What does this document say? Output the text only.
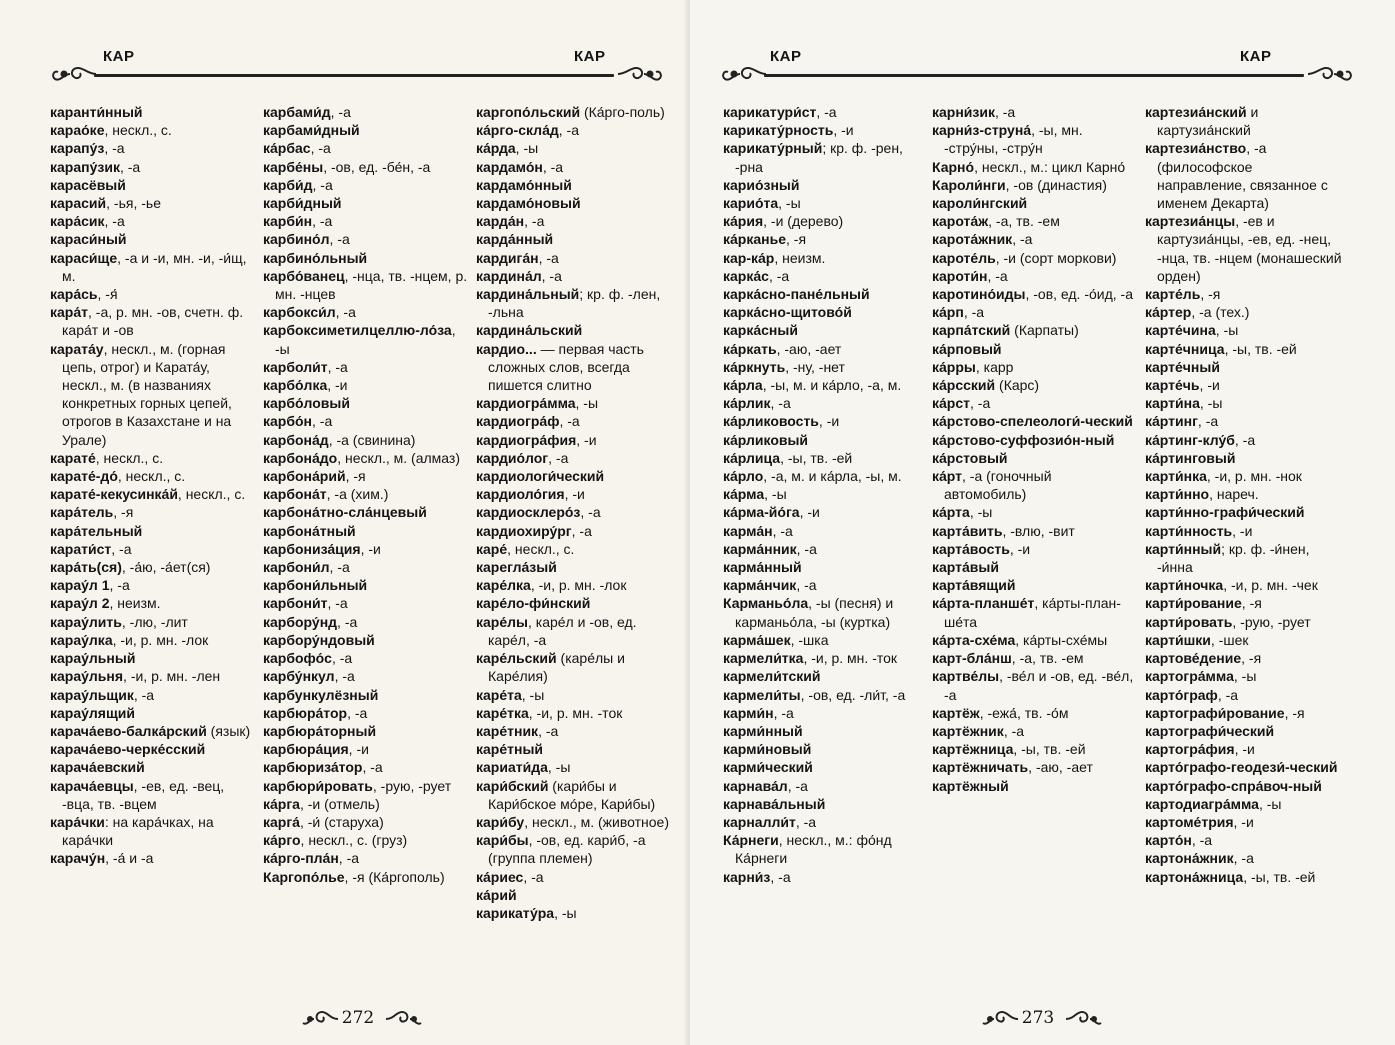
КАР	КАР
каранти́нный
карао́ке, нескл., с.
карапу́з, -а
карапу́зик, -а
карасёвый
карасий, -ья, -ье
кара́сик, -а
караси́ный
караси́ще, -а и -и, мн. -и, -и́щ, м.
кара́сь, -я́
кара́т, -а, р. мн. -ов, счетн. ф. кара́т и -ов
карата́у, нескл., м. (горная цепь, отрог) и Карата́у, нескл., м. (в названиях конкретных горных цепей, отрогов в Казахстане и на Урале)
карате́, нескл., с.
карате́-до́, нескл., с.
карате́-кекусинка́й, нескл., с.
кара́тель, -я
кара́тельный
карати́ст, -а
кара́ть(ся), -а́ю, -а́ет(ся)
карау́л 1, -а
карау́л 2, неизм.
карау́лить, -лю, -лит
карау́лка, -и, р. мн. -лок
карау́льный
карау́льня, -и, р. мн. -лен
карау́льщик, -а
карау́лящий
карача́ево-балка́рский (язык)
карача́ево-черке́сский
карача́евский
карача́евцы, -ев, ед. -вец, -вца, тв. -вцем
кара́чки: на кара́чках, на кара́чки
карачу́н, -а́ и -а
карбами́д, -а
карбами́дный
ка́рбас, -а
карбе́ны, -ов, ед. -бе́н, -а
карби́д, -а
карби́дный
карби́н, -а
карбино́л, -а
карбино́льный
карбо́ванец, -нца, тв. -нцем, р. мн. -нцев
карбокси́л, -а
карбоксиметилцеллю-ло́за, -ы
карболи́т, -а
карбо́лка, -и
карбо́ловый
карбо́н, -а
карбона́д, -а (свинина)
карбона́до, нескл., м. (алмаз)
карбона́рий, -я
карбона́т, -а (хим.)
карбона́тно-сла́нцевый
карбона́тный
карбониза́ция, -и
карбони́л, -а
карбони́льный
карбони́т, -а
карбору́нд, -а
карбору́ндовый
карбофо́с, -а
карбу́нкул, -а
карбункулёзный
карбюра́тор, -а
карбюра́торный
карбюра́ция, -и
карбюриза́тор, -а
карбюри́ровать, -рую, -рует
ка́рга, -и (отмель)
карга́, -и́ (старуха)
ка́рго, нескл., с. (груз)
ка́рго-пла́н, -а
Каргопо́лье, -я (Ка́ргополь)
каргопо́льский (Ка́рго-поль)
ка́рго-скла́д, -а
ка́рда, -ы
кардамо́н, -а
кардамо́нный
кардамо́новый
карда́н, -а
карда́нный
кардига́н, -а
кардина́л, -а
кардина́льный; кр. ф. -лен, -льна
кардина́льский
кардио... — первая часть сложных слов, всегда пишется слитно
кардиогра́мма, -ы
кардиогра́ф, -а
кардиогра́фия, -и
кардио́лог, -а
кардиологи́ческий
кардиоло́гия, -и
кардиосклеро́з, -а
кардиохиру́рг, -а
каре́, нескл., с.
карегла́зый
каре́лка, -и, р. мн. -лок
каре́ло-фи́нский
каре́лы, каре́л и -ов, ед. каре́л, -а
каре́льский (каре́лы и Каре́лия)
каре́та, -ы
каре́тка, -и, р. мн. -ток
каре́тник, -а
каре́тный
кариати́да, -ы
кари́бский (кари́бы и Кари́бское мо́ре, Кари́бы)
кари́бу, нескл., м. (животное)
кари́бы, -ов, ед. кари́б, -а (группа племен)
ка́риес, -а
ка́рий
карикату́ра, -ы
272
КАР	КАР
карикатури́ст, -а
карикату́рность, -и
карикату́рный; кр. ф. -рен, -рна
карио́зный
карио́та, -ы
ка́рия, -и (дерево)
ка́рканье, -я
кар-ка́р, неизм.
карка́с, -а
карка́сно-пане́льный
карка́сно-щитово́й
карка́сный
ка́ркать, -аю, -ает
ка́ркнуть, -ну, -нет
ка́рла, -ы, м. и ка́рло, -а, м.
ка́рлик, -а
ка́рликовость, -и
ка́рликовый
ка́рлица, -ы, тв. -ей
ка́рло, -а, м. и ка́рла, -ы, м.
ка́рма, -ы
ка́рма-йо́га, -и
карма́н, -а
карма́нник, -а
карма́нный
карма́нчик, -а
Карманьо́ла, -ы (песня) и карманьо́ла, -ы (куртка)
карма́шек, -шка
кармели́тка, -и, р. мн. -ток
кармели́тский
кармели́ты, -ов, ед. -ли́т, -а
карми́н, -а
карми́нный
карми́новый
карми́ческий
карнава́л, -а
карнава́льный
карналли́т, -а
Ка́рнеги, нескл., м.: фо́нд Ка́рнеги
карни́з, -а
карни́зик, -а
карни́з-струна́, -ы, мн. -стру́ны, -стру́н
Карно́, нескл., м.: цикл Карно́
Кароли́нги, -ов (династия)
кароли́нгский
карота́ж, -а, тв. -ем
карота́жник, -а
кароте́ль, -и (сорт моркови)
кароти́н, -а
каротино́иды, -ов, ед. -о́ид, -а
ка́рп, -а
карпа́тский (Карпаты)
ка́рповый
ка́рры, карр
ка́рсский (Карс)
ка́рст, -а
ка́рстово-спелеологи́-ческий
ка́рстово-суффозио́н-ный
ка́рстовый
ка́рт, -а (гоночный автомобиль)
ка́рта, -ы
карта́вить, -влю, -вит
карта́вость, -и
карта́вый
карта́вящий
ка́рта-планше́т, ка́рты-план-ше́та
ка́рта-схе́ма, ка́рты-схе́мы
карт-бла́нш, -а, тв. -ем
картве́лы, -ве́л и -ов, ед. -ве́л, -а
картёж, -ежа́, тв. -о́м
картёжник, -а
картёжница, -ы, тв. -ей
картёжничать, -аю, -ает
картёжный
картезиа́нский и картузиа́нский
картезиа́нство, -а (философское направление, связанное с именем Декарта)
картезиа́нцы, -ев и картузиа́нцы, -ев, ед. -нец, -нца, тв. -нцем (монашеский орден)
карте́ль, -я
ка́ртер, -а (тех.)
карте́чина, -ы
карте́чница, -ы, тв. -ей
карте́чный
карте́чь, -и
карти́на, -ы
ка́ртинг, -а
ка́ртинг-клу́б, -а
ка́ртинговый
карти́нка, -и, р. мн. -нок
карти́нно, нареч.
карти́нно-графи́ческий
карти́нность, -и
карти́нный; кр. ф. -и́нен, -и́нна
карти́ночка, -и, р. мн. -чек
карти́рование, -я
карти́ровать, -рую, -рует
карти́шки, -шек
картове́дение, -я
картогра́мма, -ы
карто́граф, -а
картографи́рование, -я
картографи́ческий
картогра́фия, -и
карто́графо-геодези́-ческий
карто́графо-спра́воч-ный
картодиагра́мма, -ы
картоме́трия, -и
карто́н, -а
картона́жник, -а
картона́жница, -ы, тв. -ей
273
